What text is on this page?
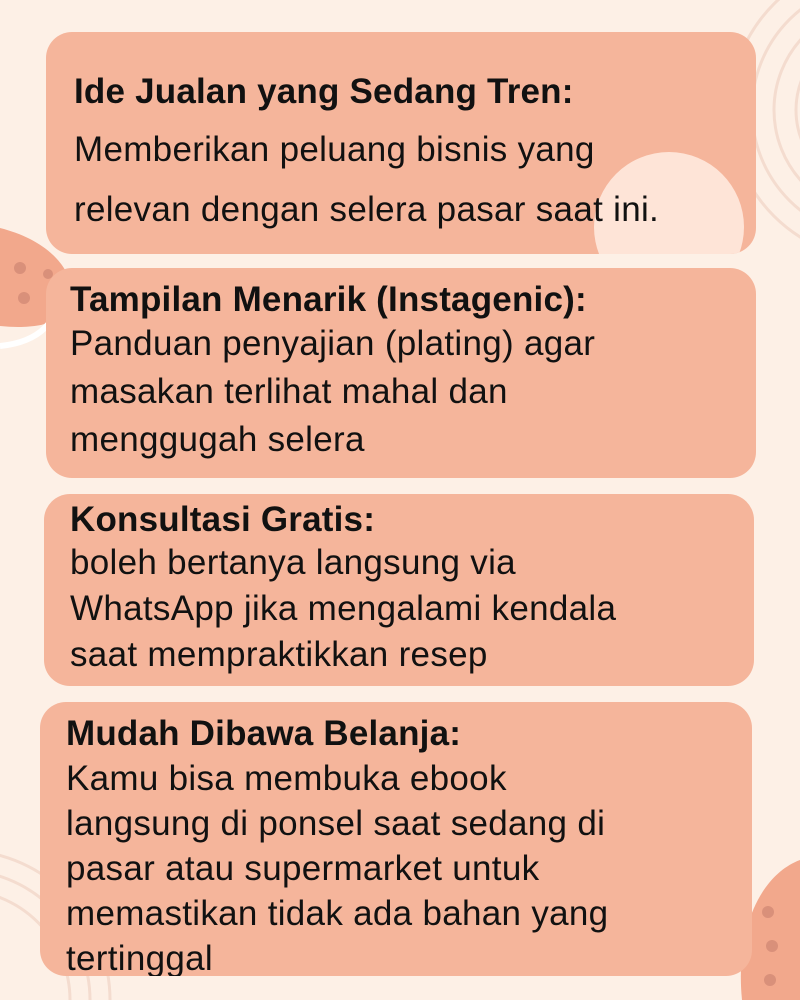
Ide Jualan yang Sedang Tren:

Memberikan peluang bisnis yang
relevan dengan selera pasar saat ini.

Tampilan Menarik (Instagenic):

Panduan penyajian (plating) agar
masakan terlihat mahal dan
menggugah selera

Konsultasi Gratis:

boleh bertanya langsung via
WhatsApp jika mengalami kendala
saat mempraktikkan resep

Mudah Dibawa Belanja:

Kamu bisa membuka ebook
langsung di ponsel saat sedang di
pasar atau supermarket untuk
memastikan tidak ada bahan yang
tertinggal
